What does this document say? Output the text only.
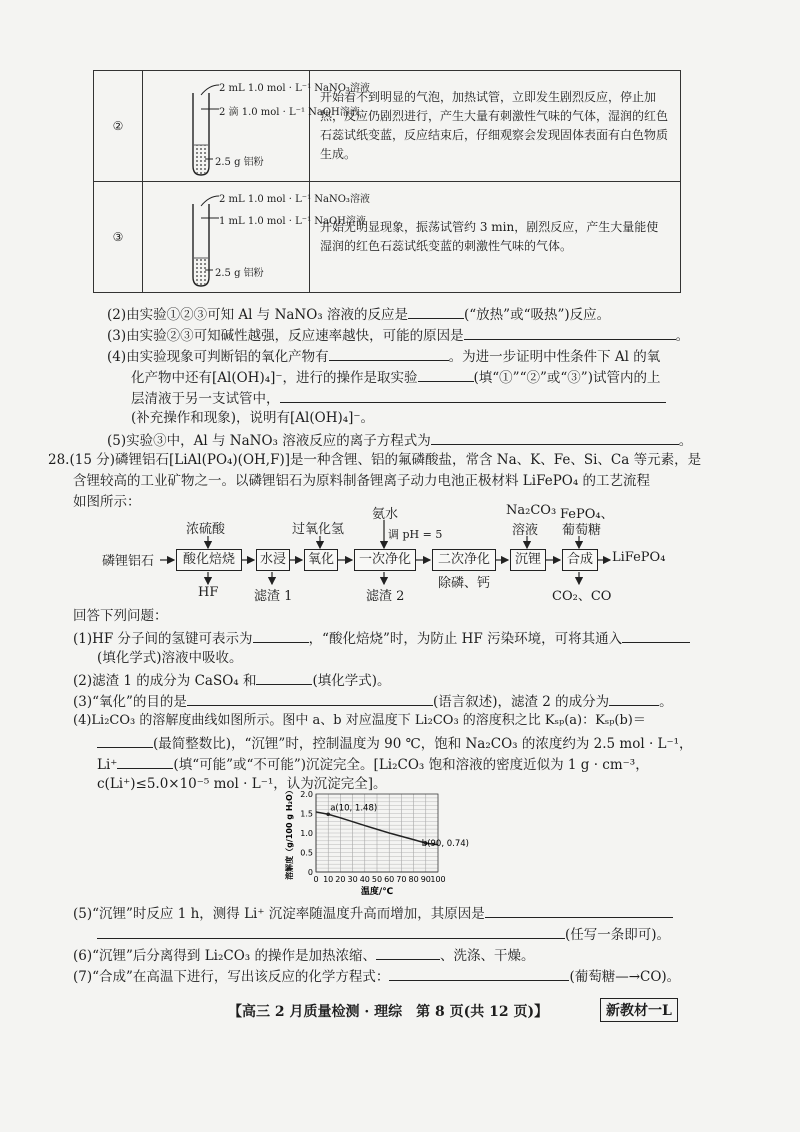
②	2 mL 1.0 mol · L⁻¹ NaNO₃溶液
2 滴 1.0 mol · L⁻¹ NaOH溶液
2.5 g 铝粉	开始看不到明显的气泡，加热试管，立即发生剧烈反应，停止加热，反应仍剧烈进行，产生大量有刺激性气味的气体，湿润的红色石蕊试纸变蓝，反应结束后，仔细观察会发现固体表面有白色物质生成。
③	2 mL 1.0 mol · L⁻¹ NaNO₃溶液
1 mL 1.0 mol · L⁻¹ NaOH溶液
2.5 g 铝粉	开始无明显现象，振荡试管约 3 min，剧烈反应，产生大量能使湿润的红色石蕊试纸变蓝的刺激性气味的气体。
(2)由实验①②③可知 Al 与 NaNO₃ 溶液的反应是	(“放热”或“吸热”)反应。
(3)由实验②③可知碱性越强，反应速率越快，可能的原因是	。
(4)由实验现象可判断铝的氧化产物有	。为进一步证明中性条件下 Al 的氧
化产物中还有[Al(OH)₄]⁻，进行的操作是取实验	(填“①”“②”或“③”)试管内的上
层清液于另一支试管中，
(补充操作和现象)，说明有[Al(OH)₄]⁻。
(5)实验③中，Al 与 NaNO₃ 溶液反应的离子方程式为	。
28.(15 分)磷锂铝石[LiAl(PO₄)(OH,F)]是一种含锂、铝的氟磷酸盐，常含 Na、K、Fe、Si、Ca 等元素，是
含锂较高的工业矿物之一。以磷锂铝石为原料制备锂离子动力电池正极材料 LiFePO₄ 的工艺流程
如图所示：
磷锂铝石	酸化焙烧	水浸	氧化	一次净化	二次净化	沉锂	合成	LiFePO₄
浓硫酸	过氧化氢
氨水
调 pH = 5
Na₂CO₃
溶液
FePO₄、
葡萄糖
HF	滤渣 1	滤渣 2
除磷、钙
CO₂、CO
回答下列问题：
(1)HF 分子间的氢键可表示为	，“酸化焙烧”时，为防止 HF 污染环境，可将其通入
(填化学式)溶液中吸收。
(2)滤渣 1 的成分为 CaSO₄ 和	(填化学式)。
(3)“氧化”的目的是	(语言叙述)，滤渣 2 的成分为	。
(4)Li₂CO₃ 的溶解度曲线如图所示。图中 a、b 对应温度下 Li₂CO₃ 的溶度积之比 Kₛₚ(a)：Kₛₚ(b)＝
(最简整数比)，“沉锂”时，控制温度为 90 ℃，饱和 Na₂CO₃ 的浓度约为 2.5 mol · L⁻¹，
Li⁺	(填“可能”或“不可能”)沉淀完全。[Li₂CO₃ 饱和溶液的密度近似为 1 g · cm⁻³，
c(Li⁺)≤5.0×10⁻⁵ mol · L⁻¹，认为沉淀完全]。
0 10 20 30 40 50 60 70 80 90 100
0
0.5
1.0
1.5
2.0
温度/℃
溶解度（g/100 g H₂O）	a(10, 1.48)
b(90, 0.74)
(5)“沉锂”时反应 1 h，测得 Li⁺ 沉淀率随温度升高而增加，其原因是
(任写一条即可)。
(6)“沉锂”后分离得到 Li₂CO₃ 的操作是加热浓缩、	、洗涤、干燥。
(7)“合成”在高温下进行，写出该反应的化学方程式：	(葡萄糖—→CO)。
【高三 2 月质量检测 · 理综　第 8 页(共 12 页)】	新教材一L
